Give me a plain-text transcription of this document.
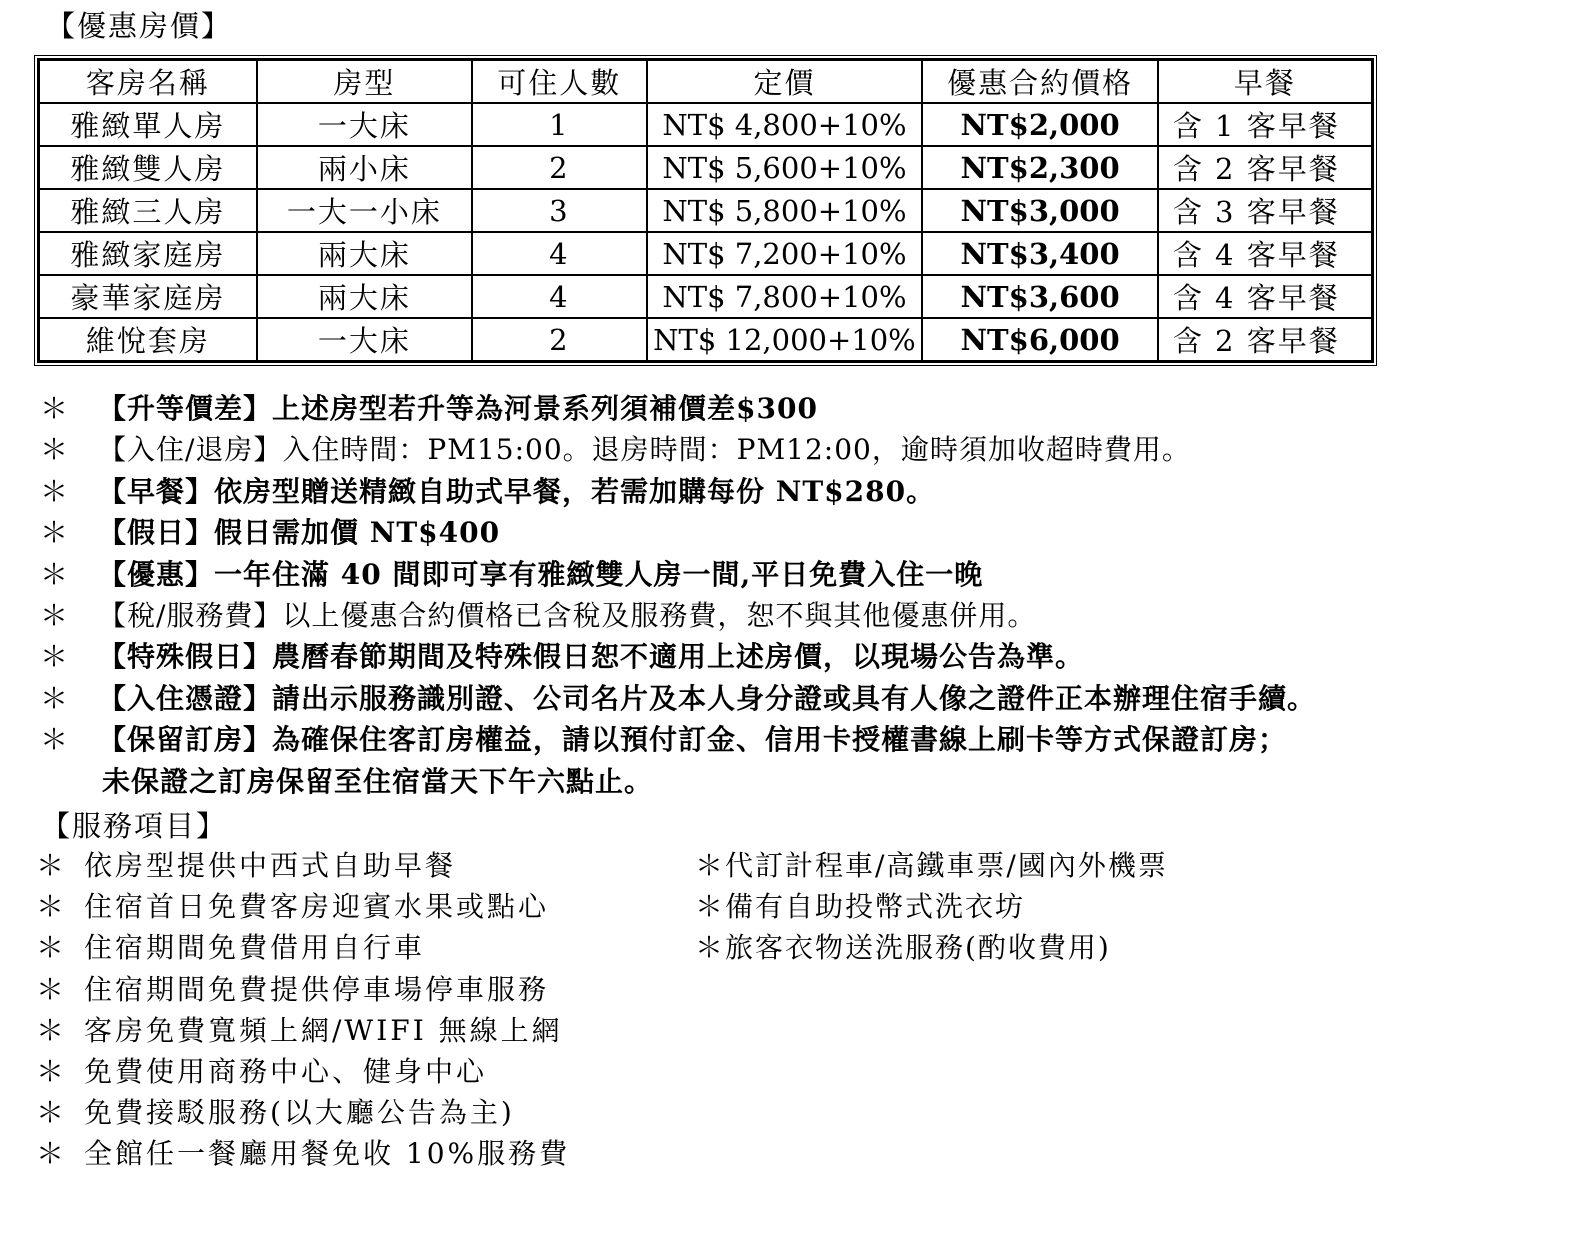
【優惠房價】
客房名稱	房型	可住人數	定價	優惠合約價格	早餐
雅緻單人房	一大床	1	NT$ 4,800+10%	NT$2,000	含 1 客早餐
雅緻雙人房	兩小床	2	NT$ 5,600+10%	NT$2,300	含 2 客早餐
雅緻三人房	一大一小床	3	NT$ 5,800+10%	NT$3,000	含 3 客早餐
雅緻家庭房	兩大床	4	NT$ 7,200+10%	NT$3,400	含 4 客早餐
豪華家庭房	兩大床	4	NT$ 7,800+10%	NT$3,600	含 4 客早餐
維悅套房	一大床	2	NT$ 12,000+10%	NT$6,000	含 2 客早餐
＊ 【升等價差】上述房型若升等為河景系列須補價差$300
＊ 【入住/退房】入住時間：PM15:00。退房時間：PM12:00，逾時須加收超時費用。
＊ 【早餐】依房型贈送精緻自助式早餐，若需加購每份 NT$280。
＊ 【假日】假日需加價 NT$400
＊ 【優惠】一年住滿 40 間即可享有雅緻雙人房一間,平日免費入住一晚
＊ 【稅/服務費】以上優惠合約價格已含稅及服務費，恕不與其他優惠併用。
＊ 【特殊假日】農曆春節期間及特殊假日恕不適用上述房價，以現場公告為準。
＊ 【入住憑證】請出示服務識別證、公司名片及本人身分證或具有人像之證件正本辦理住宿手續。
＊ 【保留訂房】為確保住客訂房權益，請以預付訂金、信用卡授權書線上刷卡等方式保證訂房；
未保證之訂房保留至住宿當天下午六點止。
【服務項目】
＊ 依房型提供中西式自助早餐
＊ 住宿首日免費客房迎賓水果或點心
＊ 住宿期間免費借用自行車
＊ 住宿期間免費提供停車場停車服務
＊ 客房免費寬頻上網/WIFI 無線上網
＊ 免費使用商務中心、健身中心
＊ 免費接駁服務(以大廳公告為主)
＊ 全館任一餐廳用餐免收 10%服務費
＊代訂計程車/高鐵車票/國內外機票
＊備有自助投幣式洗衣坊
＊旅客衣物送洗服務(酌收費用)
